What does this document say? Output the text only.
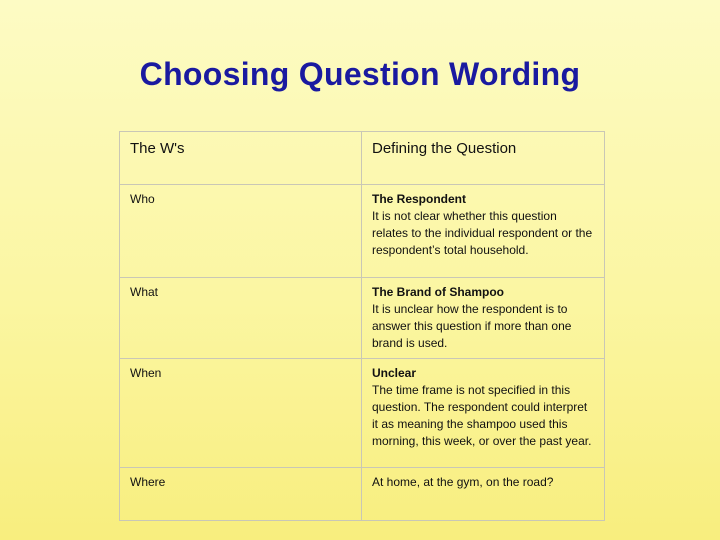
Choosing Question Wording
The W's	Defining the Question

Who	The Respondent
It is not clear whether this question relates to the individual respondent or the respondent’s total household.

What	The Brand of Shampoo
It is unclear how the respondent is to answer this question if more than one brand is used.

When	Unclear
The time frame is not specified in this question. The respondent could interpret it as meaning the shampoo used this morning, this week, or over the past year.

Where	At home, at the gym, on the road?
